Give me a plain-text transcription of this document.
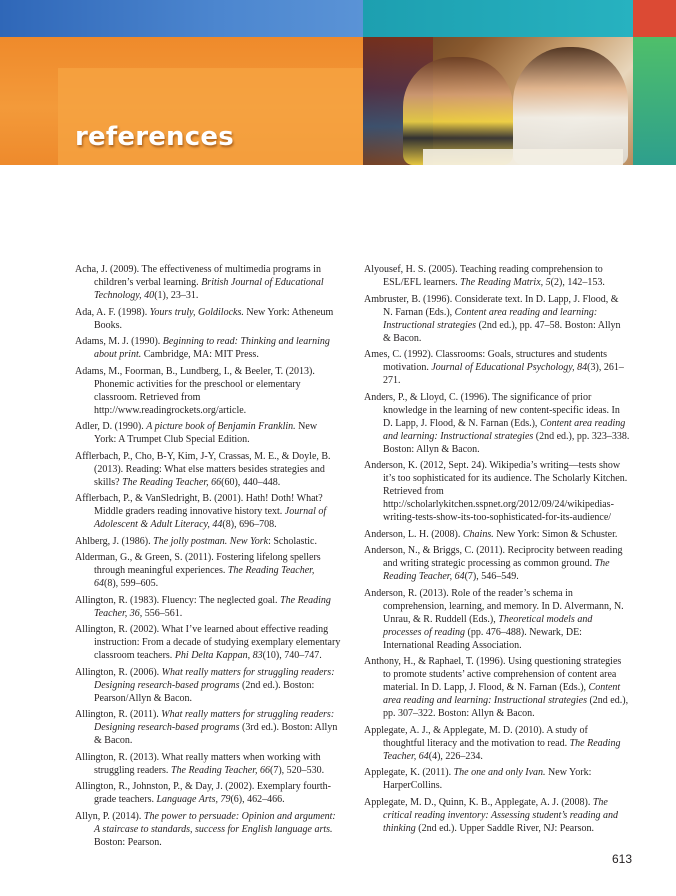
references

Acha, J. (2009). The effectiveness of multimedia programs in children’s verbal learning. British Journal of Educational Technology, 40(1), 23–31.

Ada, A. F. (1998). Yours truly, Goldilocks. New York: Atheneum Books.

Adams, M. J. (1990). Beginning to read: Thinking and learning about print. Cambridge, MA: MIT Press.

Adams, M., Foorman, B., Lundberg, I., & Beeler, T. (2013). Phonemic activities for the preschool or elementary classroom. Retrieved from http://www.readingrockets.org/article.

Adler, D. (1990). A picture book of Benjamin Franklin. New York: A Trumpet Club Special Edition.

Afflerbach, P., Cho, B-Y, Kim, J-Y, Crassas, M. E., & Doyle, B. (2013). Reading: What else matters besides strategies and skills? The Reading Teacher, 66(60), 440–448.

Afflerbach, P., & VanSledright, B. (2001). Hath! Doth! What? Middle graders reading innovative history text. Journal of Adolescent & Adult Literacy, 44(8), 696–708.

Ahlberg, J. (1986). The jolly postman. New York: Scholastic.

Alderman, G., & Green, S. (2011). Fostering lifelong spellers through meaningful experiences. The Reading Teacher, 64(8), 599–605.

Allington, R. (1983). Fluency: The neglected goal. The Reading Teacher, 36, 556–561.

Allington, R. (2002). What I’ve learned about effective reading instruction: From a decade of studying exemplary elementary classroom teachers. Phi Delta Kappan, 83(10), 740–747.

Allington, R. (2006). What really matters for struggling readers: Designing research-based programs (2nd ed.). Boston: Pearson/Allyn & Bacon.

Allington, R. (2011). What really matters for struggling readers: Designing research-based programs (3rd ed.). Boston: Allyn & Bacon.

Allington, R. (2013). What really matters when working with struggling readers. The Reading Teacher, 66(7), 520–530.

Allington, R., Johnston, P., & Day, J. (2002). Exemplary fourth-grade teachers. Language Arts, 79(6), 462–466.

Allyn, P. (2014). The power to persuade: Opinion and argument: A staircase to standards, success for English language arts. Boston: Pearson.

Alyousef, H. S. (2005). Teaching reading comprehension to ESL/EFL learners. The Reading Matrix, 5(2), 142–153.

Ambruster, B. (1996). Considerate text. In D. Lapp, J. Flood, & N. Farnan (Eds.), Content area reading and learning: Instructional strategies (2nd ed.), pp. 47–58. Boston: Allyn & Bacon.

Ames, C. (1992). Classrooms: Goals, structures and students motivation. Journal of Educational Psychology, 84(3), 261–271.

Anders, P., & Lloyd, C. (1996). The significance of prior knowledge in the learning of new content-specific ideas. In D. Lapp, J. Flood, & N. Farnan (Eds.), Content area reading and learning: Instructional strategies (2nd ed.), pp. 323–338. Boston: Allyn & Bacon.

Anderson, K. (2012, Sept. 24). Wikipedia’s writing—tests show it’s too sophisticated for its audience. The Scholarly Kitchen. Retrieved from http://scholarlykitchen.sspnet.org/2012/09/24/wikipedias-writing-tests-show-its-too-sophisticated-for-its-audience/

Anderson, L. H. (2008). Chains. New York: Simon & Schuster.

Anderson, N., & Briggs, C. (2011). Reciprocity between reading and writing strategic processing as common ground. The Reading Teacher, 64(7), 546–549.

Anderson, R. (2013). Role of the reader’s schema in comprehension, learning, and memory. In D. Alvermann, N. Unrau, & R. Ruddell (Eds.), Theoretical models and processes of reading (pp. 476–488). Newark, DE: International Reading Association.

Anthony, H., & Raphael, T. (1996). Using questioning strategies to promote students’ active comprehension of content area material. In D. Lapp, J. Flood, & N. Farnan (Eds.), Content area reading and learning: Instructional strategies (2nd ed.), pp. 307–322. Boston: Allyn & Bacon.

Applegate, A. J., & Applegate, M. D. (2010). A study of thoughtful literacy and the motivation to read. The Reading Teacher, 64(4), 226–234.

Applegate, K. (2011). The one and only Ivan. New York: HarperCollins.

Applegate, M. D., Quinn, K. B., Applegate, A. J. (2008). The critical reading inventory: Assessing student’s reading and thinking (2nd ed.). Upper Saddle River, NJ: Pearson.

613
